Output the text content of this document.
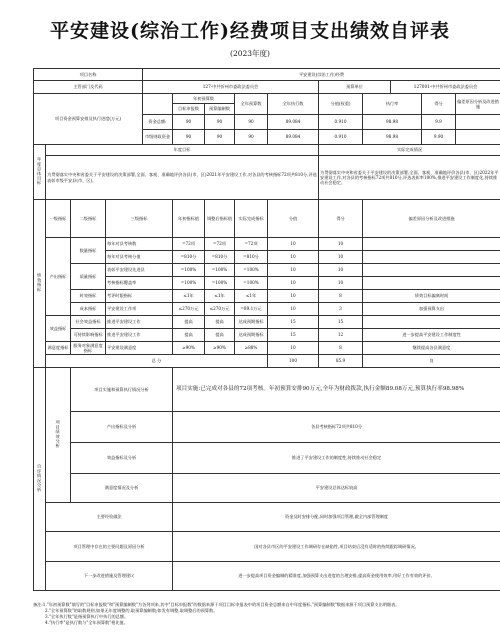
平安建设(综治工作)经费项目支出绩效自评表
(2023年度)
项目名称				平安建设(综治工作)经费									
主管部门及代码				127-中共忻州市委政法委员会					预算单位		127001-中共忻州市委政法委员会		
项目资金预算安排及执行进度(万元)					年初预算数		全年预算数	全年执行数	分值(权重)	执行率		得分	偏差原因分析及改进措施
					目标申报数	预算编制数							
				资金总额:	90	90	90	89.084	0.910	98.98		9.9	
				市级财政资金	90	90	90	89.084	0.910	98.98		9.90	
年度总体目标	年度目标								实际完成情况				
	为贯彻落实中央和省委关于平安建设的决策部署,全面、客观、准确地评价各县(市、区)2021年平安建设工作,对各县的考核指标72项共810分,评选表彰市级平安县(市、区)。								为贯彻落实中央和省委关于平安建设的决策部署,全面、客观、准确地评价各县(市、区)2022年平安建设工作,对各县的考核指标72项共810分,评选表彰率100%,推进平安建设工作制度化,持续推动社会稳定。				
绩效指标	一级指标	二级指标	三级指标		年初指标值	调整后指标值	实际完成指标	分值	得分	偏差原因分析及改进措施			
	产出指标	数量指标	每年对县考核数		=72项	=72项	=72项	10	10				
			每年对县考核分值		=810分	=810分	=810分	10	10				
		质量指标	表彰平安建设先进县		=100%	=100%	=100%	10	10				
			考核指标覆盖率		=100%	=100%	=100%	10	10				
		时效指标	考评时限指标		≤1年	≤1年	≤1年	10	8	绩效目标偏离时间			
		成本指标	平安建设工作项		≤270万元	≤270万元	=89.1万元	10	3	加强预算支出			
	效益指标	社会效益指标	推进平安建设工作		提高	提高	达成预期指标	15	15				
		可持续影响指标	推进平安建设工作		提高	提高	达成预期指标	15	12	进一步提高平安建设工作制度性			
	满意度指标	服务对象满意度指标	平安建设满意度		≥90%	≥90%	≥88%	10	8	继续提高各县满意度			
	总 分							100	85.9	良			
自评情况分析	项目绩效分析	项目实施和预算执行情况分析			项目实施:已完成对各县的72项考核。年初预算安排90万元,全年为财政拨款,执行金额89.08万元,预算执行率98.98%								
		产出指标及分析			各县考核指标72项共810分								
		效益指标及分析			推进了平安建设工作的制度性,持续推动社会稳定								
		满意度情况及分析			平安建设总体达标较高								
	主要经验做法				资金及时安排分配,同时加强项目管理,做全内部管理制度								
	项目管理中存在的主要问题及原因分析				国对各县市区的平安建设工作调研存在缺陷性,项目结束后没有适时的持续跟踪调研情况。								
	下一步改进措施及管理建议				进一步提高项目资金编制的精准度,加强预算支出进度的合理安排,提高资金使用效率,用好工作有效的评价。								
备注:1."年初预算数"填写的"目标申报数"和"预算编制数"为各列项来,其中"目标申报数"的数据来源于项目目标申报表中的项目资金总额来自中年度指标,"预算编制数"数据来源于项目预算支出明细表。
2."全年预算数"的取数规则,如果无年度调整的,取预算编制数;如发有调整,取调整后的预算数。
3."全年执行数"是指预算执行中执行的总额。
4."执行率"是执行数与"全年预算数"相比值。
